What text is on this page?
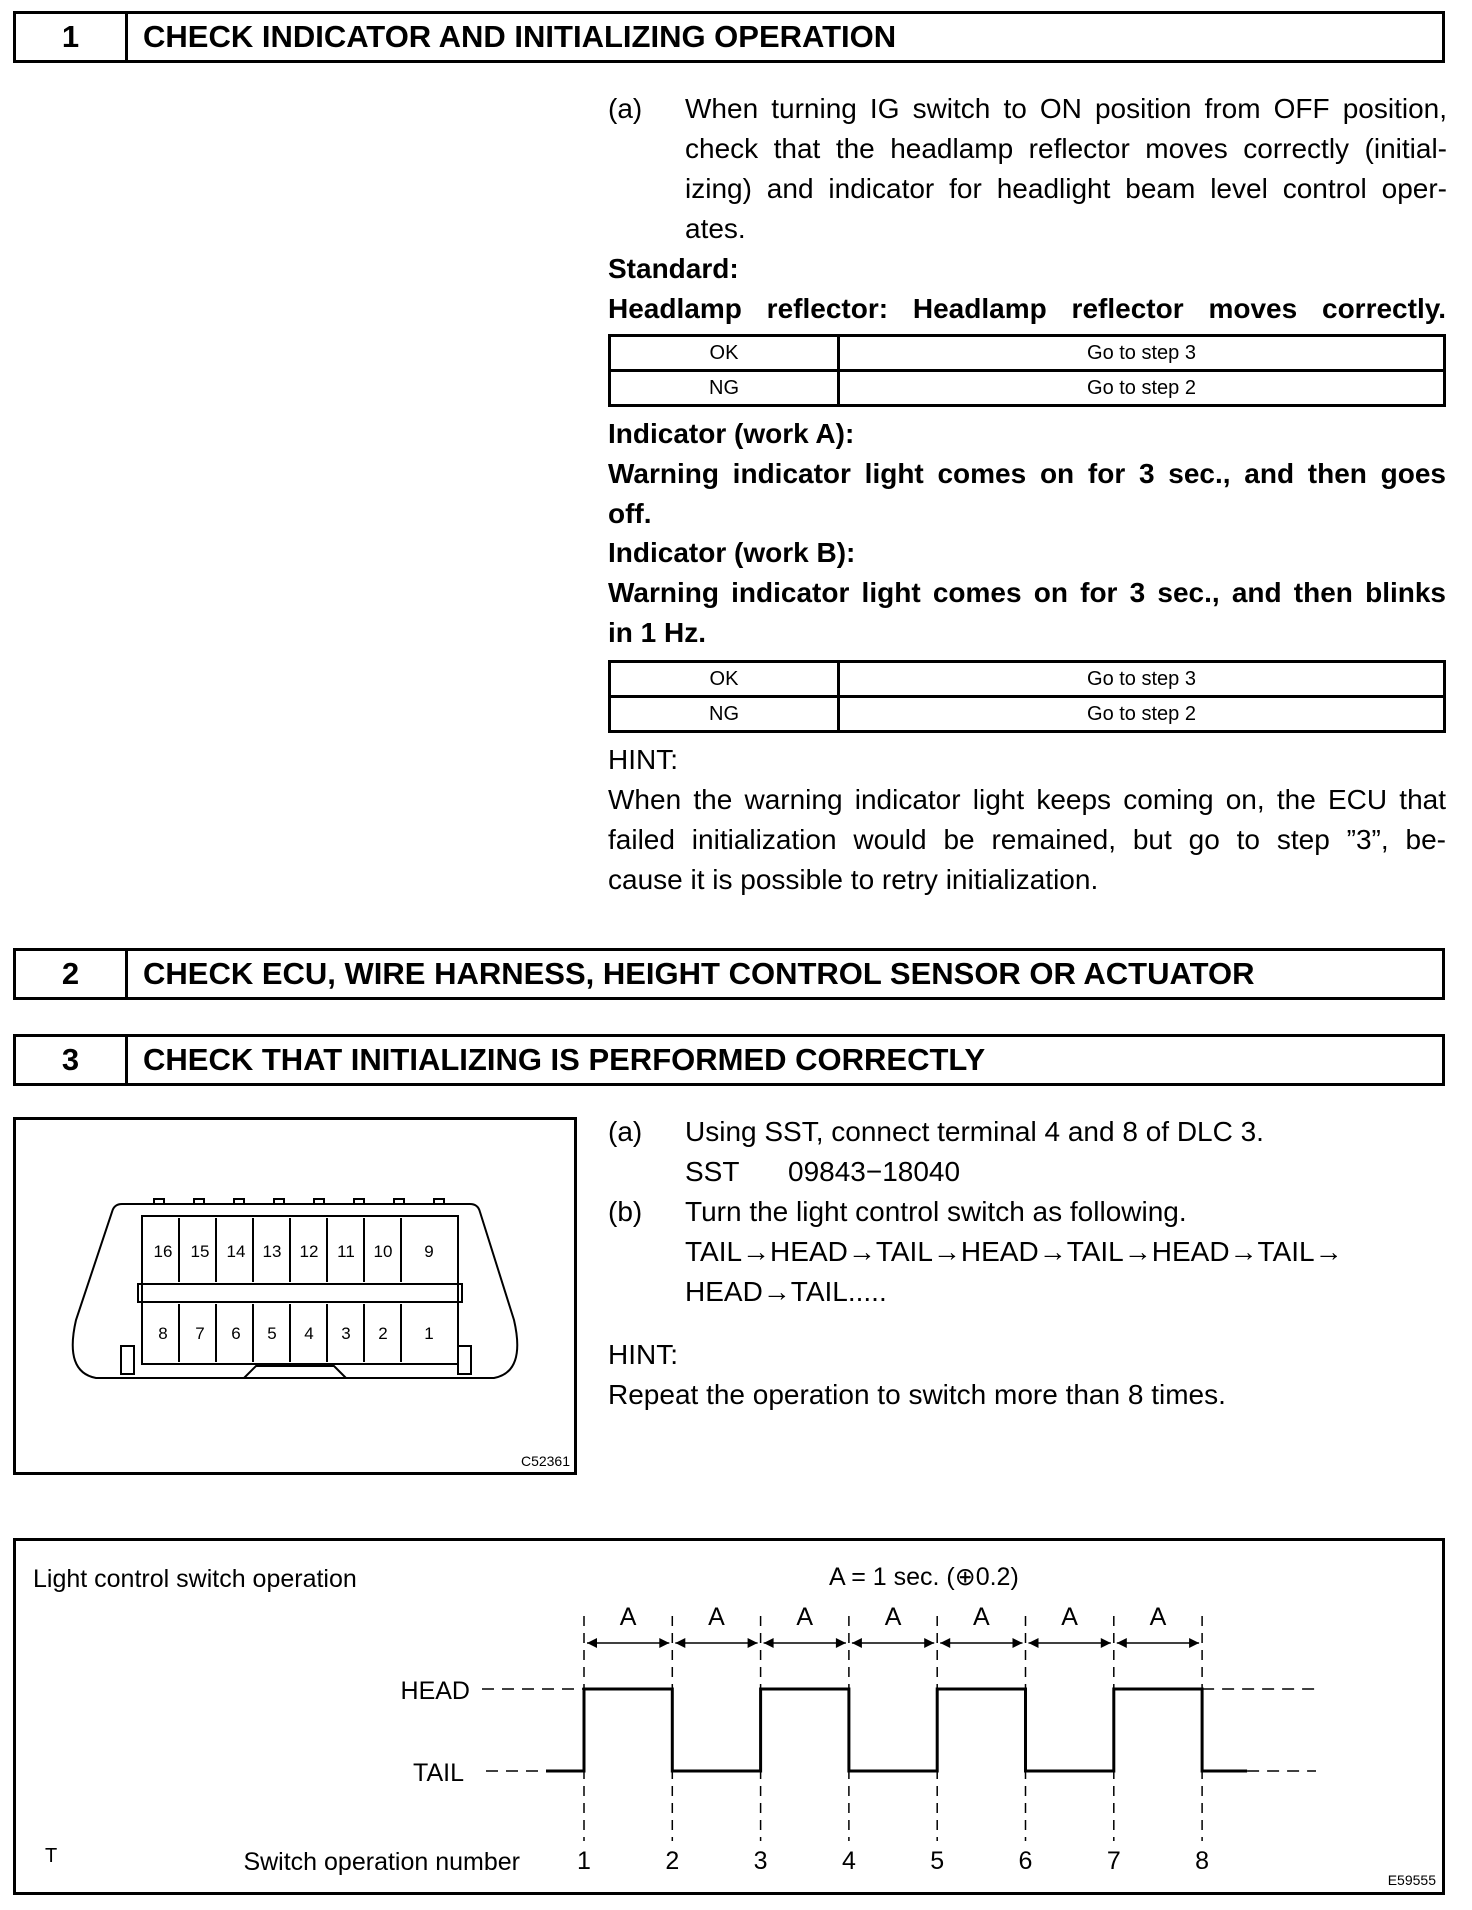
1	CHECK INDICATOR AND INITIALIZING OPERATION
(a) When turning IG switch to ON position from OFF position,
check that the headlamp reflector moves correctly (initial-
izing) and indicator for headlight beam level control oper-
ates.
Standard:
Headlamp reflector: Headlamp reflector moves correctly.
OK	Go to step 3
NG	Go to step 2
Indicator (work A):
Warning indicator light comes on for 3 sec., and then goes
off.
Indicator (work B):
Warning indicator light comes on for 3 sec., and then blinks
in 1 Hz.
OK	Go to step 3
NG	Go to step 2
HINT:
When the warning indicator light keeps coming on, the ECU that
failed initialization would be remained, but go to step ”3”, be-
cause it is possible to retry initialization.
2	CHECK ECU, WIRE HARNESS, HEIGHT CONTROL SENSOR OR ACTUATOR
3	CHECK THAT INITIALIZING IS PERFORMED CORRECTLY
16 15 14 13 12 11 10 9
8 7 6 5 4 3 2 1
C52361
(a) Using SST, connect terminal 4 and 8 of DLC 3.
SST 09843−18040
(b) Turn the light control switch as following.
TAIL→HEAD→TAIL→HEAD→TAIL→HEAD→TAIL→
HEAD→TAIL.....
HINT:
Repeat the operation to switch more than 8 times.
Light control switch operation	A = 1 sec. (⊕0.2)
HEAD
TAIL
T	Switch operation number
E59555
1	2	3	4	5	6	7	8
A	A	A	A	A	A	A
